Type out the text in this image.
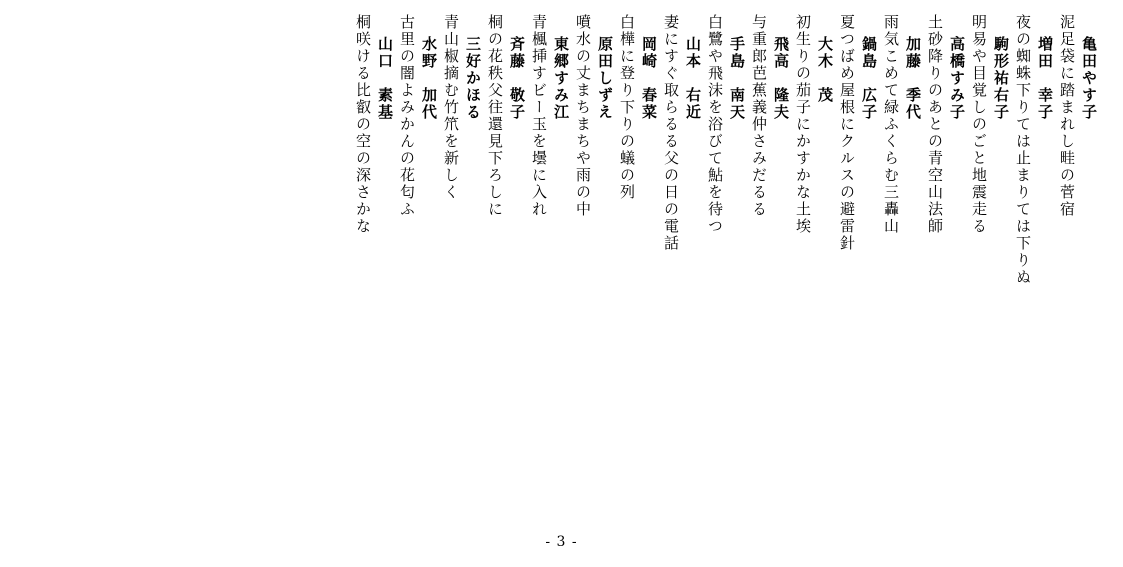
亀田やす子
泥足袋に踏まれし畦の菅宿
増田　幸子
夜の蜘蛛下りては止まりては下りぬ
駒形祐右子
明易や目覚しのごと地震走る
高橋すみ子
土砂降りのあとの青空山法師
加藤　季代
雨気こめて緑ふくらむ三轟山
鍋島　広子
夏つばめ屋根にクルスの避雷針
大木　茂
初生りの茄子にかすかな土埃
飛高　隆夫
与重郎芭蕉義仲さみだるる
手島　南天
白鷺や飛沫を浴びて鮎を待つ
山本　右近
妻にすぐ取らるる父の日の電話
岡崎　春菜
白樺に登り下りの蟻の列
原田しずえ
噴水の丈まちまちや雨の中
東郷すみ江
青楓挿すビー玉を壜に入れ
斉藤　敬子
桐の花秩父往還見下ろしに
三好かほる
青山椒摘む竹笊を新しく
水野　加代
古里の闇よみかんの花匂ふ
山口　素基
桐咲ける比叡の空の深さかな
- 3 -
